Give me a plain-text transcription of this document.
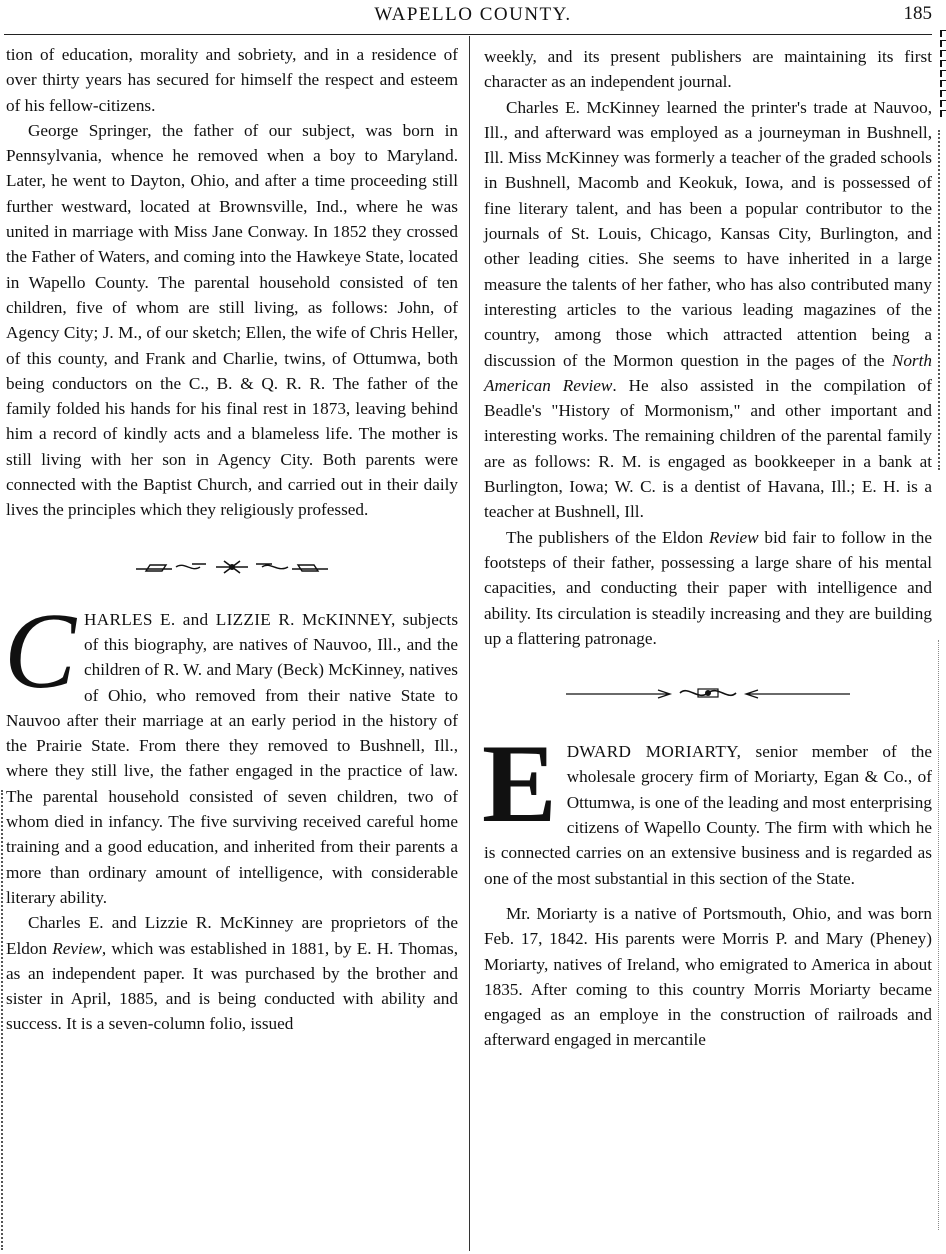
WAPELLO COUNTY.	185

tion of education, morality and sobriety, and in a residence of over thirty years has secured for himself the respect and esteem of his fellow-citizens.

George Springer, the father of our subject, was born in Pennsylvania, whence he removed when a boy to Maryland. Later, he went to Dayton, Ohio, and after a time proceeding still further westward, located at Brownsville, Ind., where he was united in marriage with Miss Jane Conway. In 1852 they crossed the Father of Waters, and coming into the Hawkeye State, located in Wapello County. The parental household consisted of ten children, five of whom are still living, as follows: John, of Agency City; J. M., of our sketch; Ellen, the wife of Chris Heller, of this county, and Frank and Charlie, twins, of Ottumwa, both being conductors on the C., B. & Q. R. R. The father of the family folded his hands for his final rest in 1873, leaving behind him a record of kindly acts and a blameless life. The mother is still living with her son in Agency City. Both parents were connected with the Baptist Church, and carried out in their daily lives the principles which they religiously professed.

C HARLES E. and LIZZIE R. McKINNEY, subjects of this biography, are natives of Nauvoo, Ill., and the children of R. W. and Mary (Beck) McKinney, natives of Ohio, who removed from their native State to Nauvoo after their marriage at an early period in the history of the Prairie State. From there they removed to Bushnell, Ill., where they still live, the father engaged in the practice of law. The parental household consisted of seven children, two of whom died in infancy. The five surviving received careful home training and a good education, and inherited from their parents a more than ordinary amount of intelligence, with considerable literary ability.

Charles E. and Lizzie R. McKinney are proprietors of the Eldon Review, which was established in 1881, by E. H. Thomas, as an independent paper. It was purchased by the brother and sister in April, 1885, and is being conducted with ability and success. It is a seven-column folio, issued

weekly, and its present publishers are maintaining its first character as an independent journal.

Charles E. McKinney learned the printer's trade at Nauvoo, Ill., and afterward was employed as a journeyman in Bushnell, Ill. Miss McKinney was formerly a teacher of the graded schools in Bushnell, Macomb and Keokuk, Iowa, and is possessed of fine literary talent, and has been a popular contributor to the journals of St. Louis, Chicago, Kansas City, Burlington, and other leading cities. She seems to have inherited in a large measure the talents of her father, who has also contributed many interesting articles to the various leading magazines of the country, among those which attracted attention being a discussion of the Mormon question in the pages of the North American Review. He also assisted in the compilation of Beadle's "History of Mormonism," and other important and interesting works. The remaining children of the parental family are as follows: R. M. is engaged as bookkeeper in a bank at Burlington, Iowa; W. C. is a dentist of Havana, Ill.; E. H. is a teacher at Bushnell, Ill.

The publishers of the Eldon Review bid fair to follow in the footsteps of their father, possessing a large share of his mental capacities, and conducting their paper with intelligence and ability. Its circulation is steadily increasing and they are building up a flattering patronage.

E DWARD MORIARTY, senior member of the wholesale grocery firm of Moriarty, Egan & Co., of Ottumwa, is one of the leading and most enterprising citizens of Wapello County. The firm with which he is connected carries on an extensive business and is regarded as one of the most substantial in this section of the State.

Mr. Moriarty is a native of Portsmouth, Ohio, and was born Feb. 17, 1842. His parents were Morris P. and Mary (Pheney) Moriarty, natives of Ireland, who emigrated to America in about 1835. After coming to this country Morris Moriarty became engaged as an employe in the construction of railroads and afterward engaged in mercantile
